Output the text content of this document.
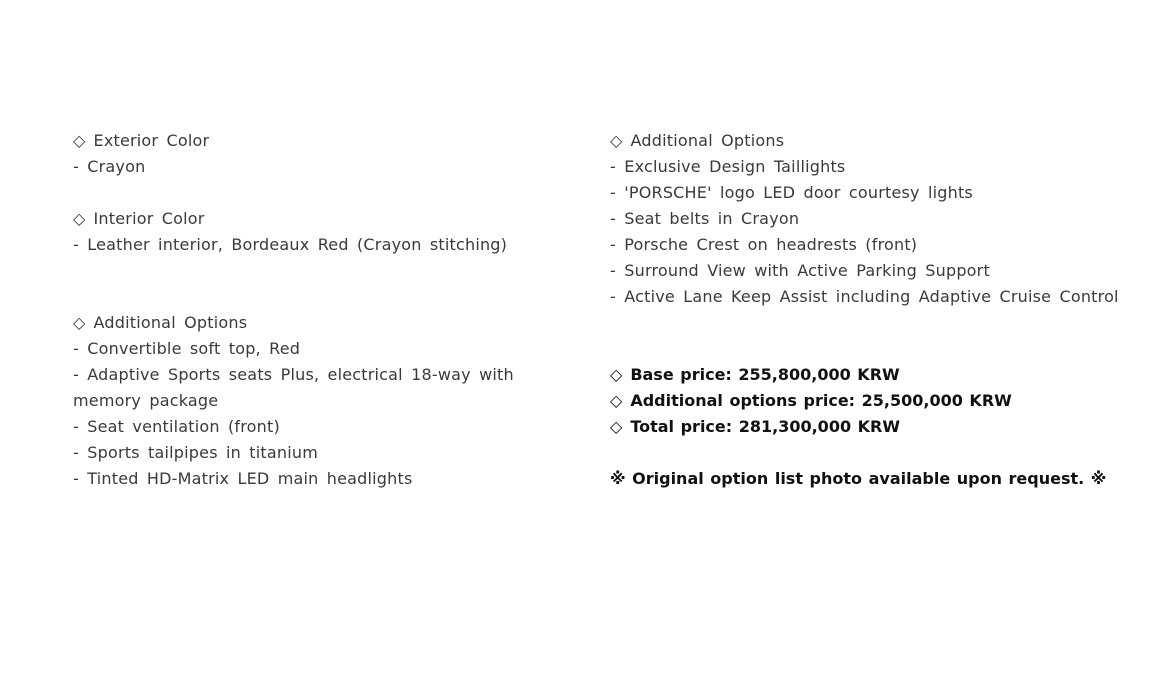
◇ Exterior Color
- Crayon
◇ Interior Color
- Leather interior, Bordeaux Red (Crayon stitching)
◇ Additional Options
- Convertible soft top, Red
- Adaptive Sports seats Plus, electrical 18-way with memory package
- Seat ventilation (front)
- Sports tailpipes in titanium
- Tinted HD-Matrix LED main headlights
◇ Additional Options
- Exclusive Design Taillights
- 'PORSCHE' logo LED door courtesy lights
- Seat belts in Crayon
- Porsche Crest on headrests (front)
- Surround View with Active Parking Support
- Active Lane Keep Assist including Adaptive Cruise Control
◇ Base price: 255,800,000 KRW
◇ Additional options price: 25,500,000 KRW
◇ Total price: 281,300,000 KRW
※ Original option list photo available upon request. ※
